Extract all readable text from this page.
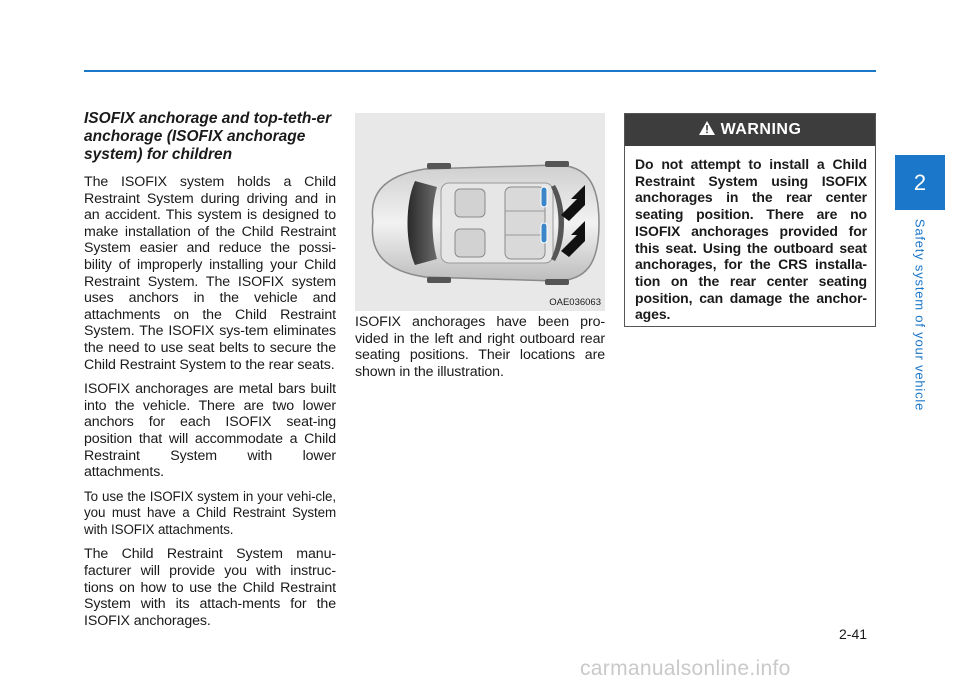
ISOFIX anchorage and top-teth-er anchorage (ISOFIX anchorage system) for children

The ISOFIX system holds a Child Restraint System during driving and in an accident. This system is designed to make installation of the Child Restraint System easier and reduce the possi-bility of improperly installing your Child Restraint System. The ISOFIX system uses anchors in the vehicle and attachments on the Child Restraint System. The ISOFIX sys-tem eliminates the need to use seat belts to secure the Child Restraint System to the rear seats.

ISOFIX anchorages are metal bars built into the vehicle. There are two lower anchors for each ISOFIX seat-ing position that will accommodate a Child Restraint System with lower attachments.

To use the ISOFIX system in your vehi-cle, you must have a Child Restraint System with ISOFIX attachments.

The Child Restraint System manu-facturer will provide you with instruc-tions on how to use the Child Restraint System with its attach-ments for the ISOFIX anchorages.

OAE036063

ISOFIX anchorages have been pro-vided in the left and right outboard rear seating positions. Their locations are shown in the illustration.

WARNING
Do not attempt to install a Child Restraint System using ISOFIX anchorages in the rear center seating position. There are no ISOFIX anchorages provided for this seat. Using the outboard seat anchorages, for the CRS installa-tion on the rear center seating position, can damage the anchor-ages.
2
Safety system of your vehicle
2-41
carmanualsonline.info
